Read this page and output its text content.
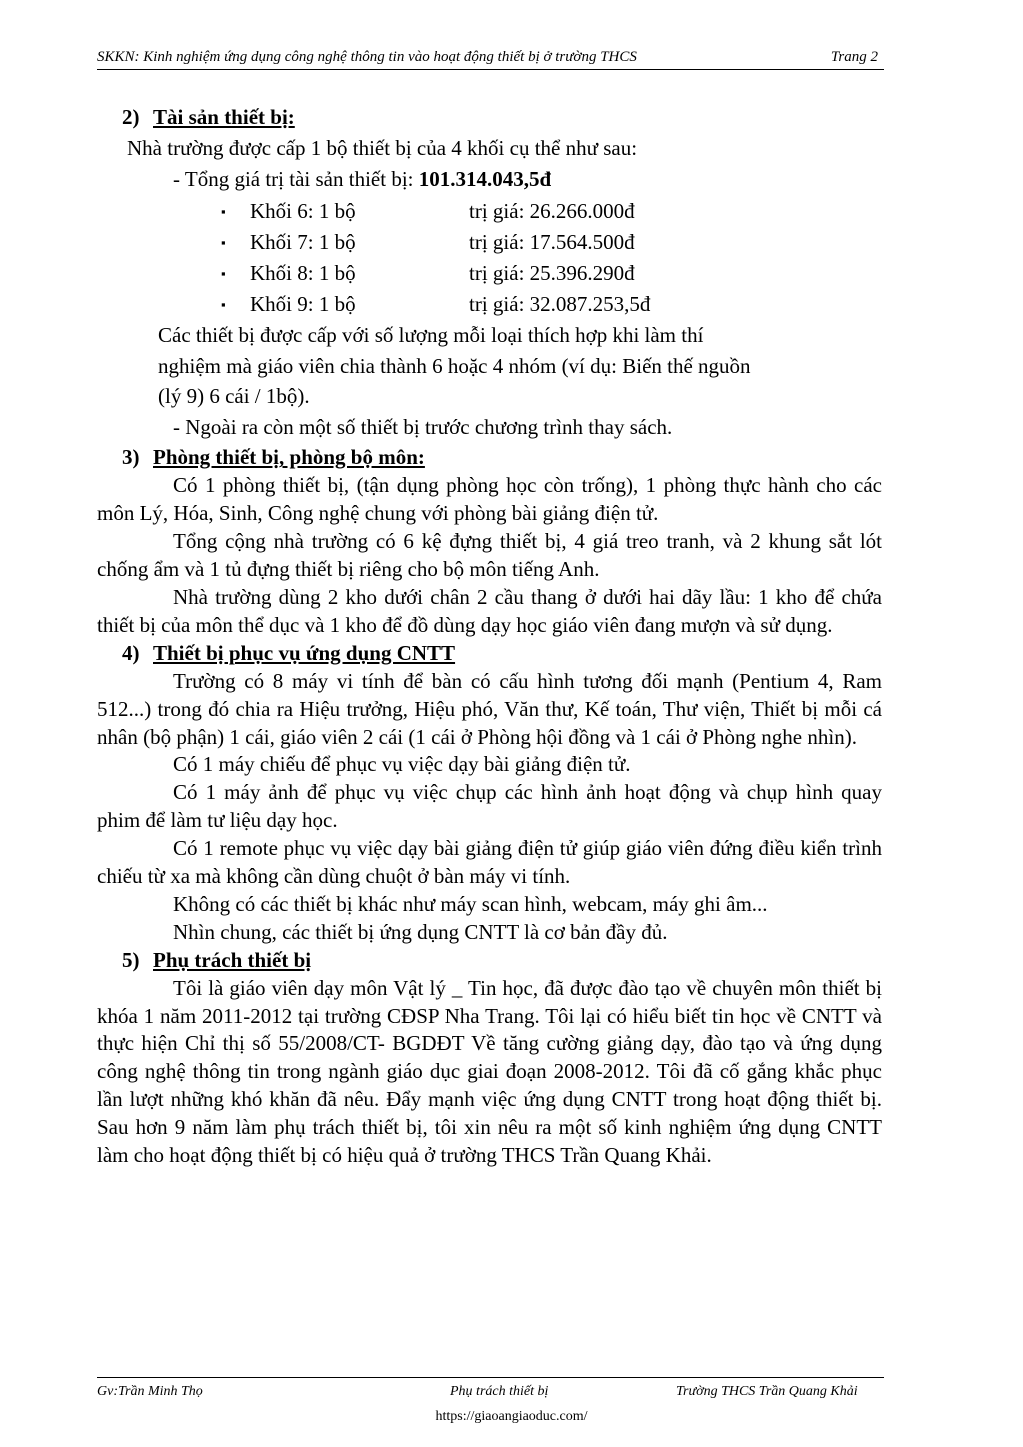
SKKN: Kinh nghiệm ứng dụng công nghệ thông tin vào hoạt động thiết bị ở trường THCS	Trang 2
2) Tài sản thiết bị:

Nhà trường được cấp 1 bộ thiết bị của 4 khối cụ thể như sau:

- Tổng giá trị tài sản thiết bị: 101.314.043,5đ

▪ Khối 6: 1 bộ	trị giá: 26.266.000đ
▪ Khối 7: 1 bộ	trị giá: 17.564.500đ
▪ Khối 8: 1 bộ	trị giá: 25.396.290đ
▪ Khối 9: 1 bộ	trị giá: 32.087.253,5đ
Các thiết bị được cấp với số lượng mỗi loại thích hợp khi làm thí
nghiệm mà giáo viên chia thành 6 hoặc 4 nhóm (ví dụ: Biến thế nguồn
(lý 9) 6 cái / 1bộ).
- Ngoài ra còn một số thiết bị trước chương trình thay sách.
3) Phòng thiết bị, phòng bộ môn:

Có 1 phòng thiết bị, (tận dụng phòng học còn trống), 1 phòng thực hành cho các môn Lý, Hóa, Sinh, Công nghệ chung với phòng bài giảng điện tử.

Tổng cộng nhà trường có 6 kệ đựng thiết bị, 4 giá treo tranh, và 2 khung sắt lót chống ẩm và 1 tủ đựng thiết bị riêng cho bộ môn tiếng Anh.

Nhà trường dùng 2 kho dưới chân 2 cầu thang ở dưới hai dãy lầu: 1 kho để chứa thiết bị của môn thể dục và 1 kho để đồ dùng dạy học giáo viên đang mượn và sử dụng.

4) Thiết bị phục vụ ứng dụng CNTT

Trường có 8 máy vi tính để bàn có cấu hình tương đối mạnh (Pentium 4, Ram 512...) trong đó chia ra Hiệu trưởng, Hiệu phó, Văn thư, Kế toán, Thư viện, Thiết bị mỗi cá nhân (bộ phận) 1 cái, giáo viên 2 cái (1 cái ở Phòng hội đồng và 1 cái ở Phòng nghe nhìn).

Có 1 máy chiếu để phục vụ việc dạy bài giảng điện tử.

Có 1 máy ảnh để phục vụ việc chụp các hình ảnh hoạt động và chụp hình quay phim để làm tư liệu dạy học.

Có 1 remote phục vụ việc dạy bài giảng điện tử giúp giáo viên đứng điều kiển trình chiếu từ xa mà không cần dùng chuột ở bàn máy vi tính.

Không có các thiết bị khác như máy scan hình, webcam, máy ghi âm...

Nhìn chung, các thiết bị ứng dụng CNTT là cơ bản đầy đủ.

5) Phụ trách thiết bị

Tôi là giáo viên dạy môn Vật lý _ Tin học, đã được đào tạo về chuyên môn thiết bị khóa 1 năm 2011-2012 tại trường CĐSP Nha Trang. Tôi lại có hiểu biết tin học về CNTT và thực hiện Chỉ thị số 55/2008/CT- BGDĐT Về tăng cường giảng dạy, đào tạo và ứng dụng công nghệ thông tin trong ngành giáo dục giai đoạn 2008-2012. Tôi đã cố gắng khắc phục lần lượt những khó khăn đã nêu. Đẩy mạnh việc ứng dụng CNTT trong hoạt động thiết bị. Sau hơn 9 năm làm phụ trách thiết bị, tôi xin nêu ra một số kinh nghiệm ứng dụng CNTT làm cho hoạt động thiết bị có hiệu quả ở trường THCS Trần Quang Khải.

Gv:Trần Minh Thọ	Phụ trách thiết bị	Trường THCS Trần Quang Khải
https://giaoangiaoduc.com/
